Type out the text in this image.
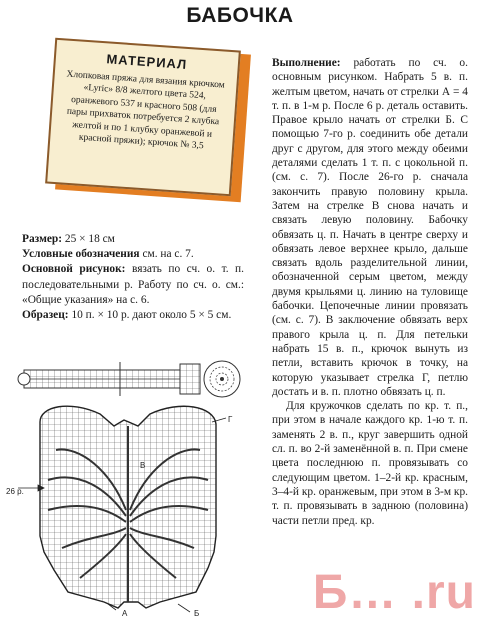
БАБОЧКА
МАТЕРИАЛ
Хлопковая пряжа для вязания крючком «Lyric» 8/8 желтого цвета 524, оранжевого 537 и красного 508 (для пары прихваток потребуется 2 клубка желтой и по 1 клубку оранжевой и красной пряжи); крючок № 3,5

Размер: 25 × 18 см

Условные обозначения см. на с. 7.

Основной рисунок: вязать по сч. о. т. п. последовательными р. Работу по сч. о. см.: «Общие указания» на с. 6.

Образец: 10 п. × 10 р. дают около 5 × 5 см.

Выполнение: работать по сч. о. основным рисунком. Набрать 5 в. п. желтым цветом, начать от стрелки А = 4 т. п. в 1-м р. После 6 р. деталь оставить. Правое крыло начать от стрелки Б. С помощью 7-го р. соединить обе детали друг с другом, для этого между обеими деталями сделать 1 т. п. с цокольной п. (см. с. 7). После 26-го р. сначала закончить правую половину крыла. Затем на стрелке В снова начать и связать левую половину. Бабочку обвязать ц. п. Начать в центре сверху и обвязать левое верхнее крыло, дальше связать вдоль разделительной линии, обозначенной серым цветом, между двумя крыльями ц. линию на туловище бабочки. Цепочечные линии провязать (см. с. 7). В заключение обвязать верх правого крыла ц. п. Для петельки набрать 15 в. п., крючок вынуть из петли, вставить крючок в точку, на которую указывает стрелка Г, петлю достать и в. п. плотно обвязать ц. п.

Для кружочков сделать по кр. т. п., при этом в начале каждого кр. 1-ю т. п. заменять 2 в. п., круг завершить одной сл. п. во 2-й заменённой в. п. При смене цвета последнюю п. провязывать со следующим цветом. 1–2-й кр. красным, 3–4-й кр. оранжевым, при этом в 3-м кр. т. п. провязывать в заднюю (половина) части петли пред. кр.

В
Г
26 р.
А	Б Б… .ru
